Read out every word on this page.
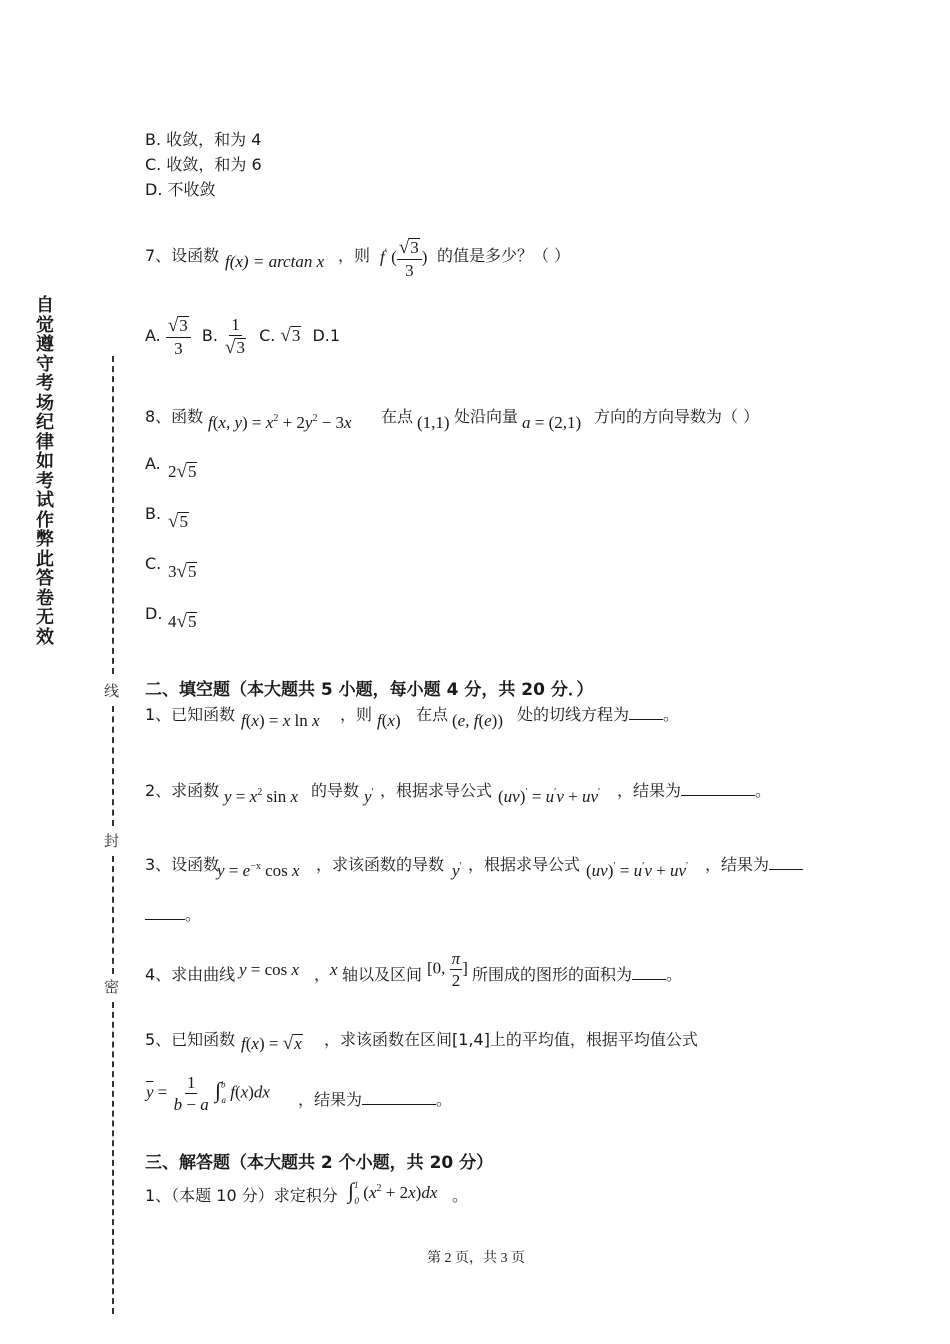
自觉遵守考场纪律如考试作弊此答卷无效
线
封
密
B. 收敛，和为 4
C. 收敛，和为 6
D. 不收敛
7、设函数 f(x) = arctan x ，则 f′ ( $\frac{√ 3}{3}$ ) 的值是多少？（ ）
A. $\frac{√ 3}{3} B$. $\frac{1}{√ 3} C$. √ 3 D.1
8、函数 f(x, $y) = x^2 + 2y^2 - 3x$ 在点 (1,1) 处沿向量 a = (2,1) 方向的方向导数为（ ）
A. 2 √ 5
B. √ 5
C. 3 √ 5
D. 4 √ 5
二、填空题（本大题共 5 小题，每小题 4 分，共 20 分．）
1、已知函数 f(x) = x ln x ，则 f(x) 在点 (e, f(e)) 处的切线方程为 。
2、求函数 $y = x^2$ sin x 的导数 y′ ，根据求导公式 (uv)′ = u′v + uv′ ，结果为	。
3、设函数
$y = e^{-x}$ cos x ，求该函数的导数 y′ ，根据求导公式 (uv)′ = u′v + uv′ ，结果为
。
4、求由曲线 y = cos x ， x 轴以及区间 [0, $\frac{\pi}{2}$ ] 所围成的图形的面积为 。
5、已知函数 f(x) = √ x ，求该函数在区间[1,4]上的平均值，根据平均值公式
$\overline{y} = \frac{1}{b - a} \int^b_a$ f(x)dx ，结果为	。
三、解答题（本大题共 2 个小题，共 20 分）
1、（本题 10 分）求定积分 ∫$^1_0$ $(x^2 + 2x)dx$ 。
第 2 页，共 3 页
